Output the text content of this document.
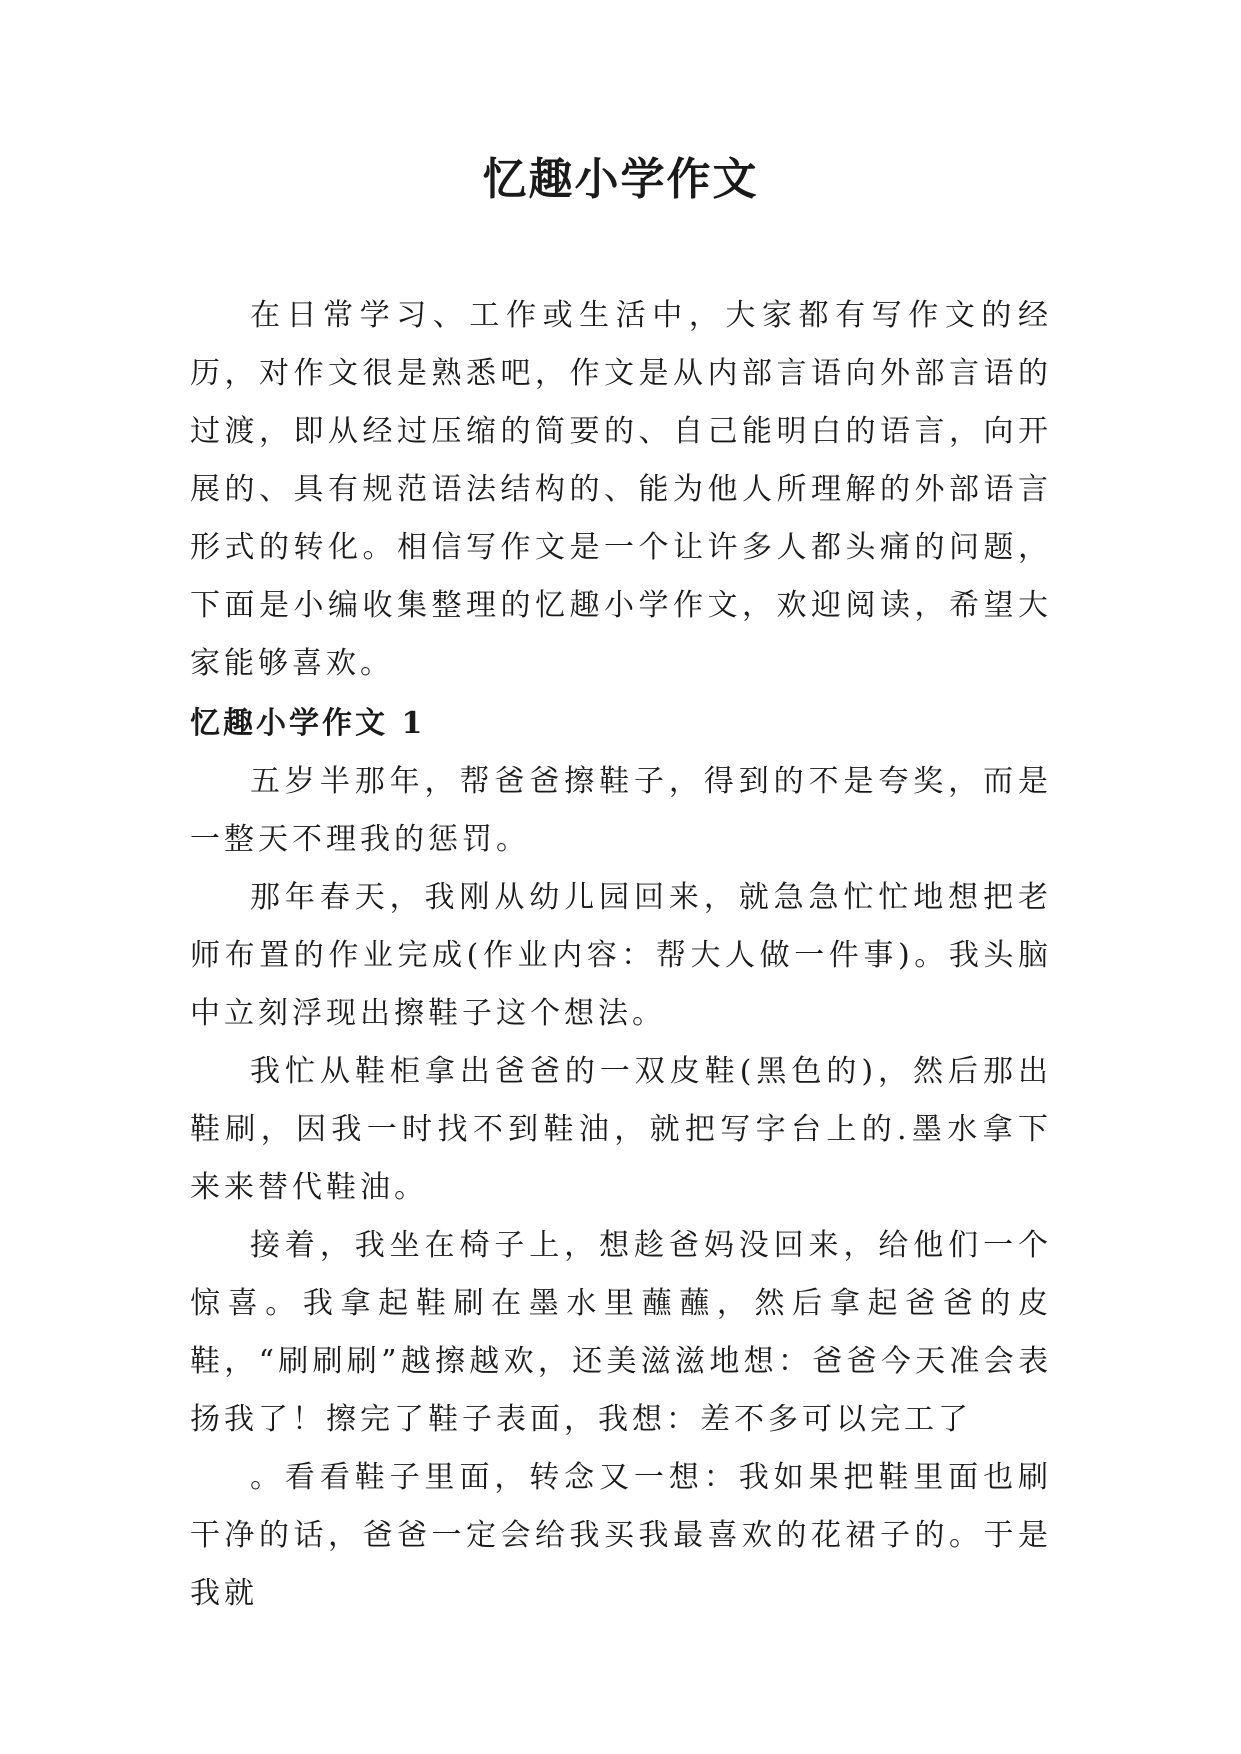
忆趣小学作文

在日常学习、工作或生活中，大家都有写作文的经历，对作文很是熟悉吧，作文是从内部言语向外部言语的过渡，即从经过压缩的简要的、自己能明白的语言，向开展的、具有规范语法结构的、能为他人所理解的外部语言形式的转化。相信写作文是一个让许多人都头痛的问题，下面是小编收集整理的忆趣小学作文，欢迎阅读，希望大家能够喜欢。

忆趣小学作文 1

五岁半那年，帮爸爸擦鞋子，得到的不是夸奖，而是一整天不理我的惩罚。

那年春天，我刚从幼儿园回来，就急急忙忙地想把老师布置的作业完成(作业内容：帮大人做一件事)。我头脑中立刻浮现出擦鞋子这个想法。

我忙从鞋柜拿出爸爸的一双皮鞋(黑色的)，然后那出鞋刷，因我一时找不到鞋油，就把写字台上的.墨水拿下来来替代鞋油。

接着，我坐在椅子上，想趁爸妈没回来，给他们一个惊喜。我拿起鞋刷在墨水里蘸蘸，然后拿起爸爸的皮鞋，“刷刷刷”越擦越欢，还美滋滋地想：爸爸今天准会表扬我了！擦完了鞋子表面，我想：差不多可以完工了

。看看鞋子里面，转念又一想：我如果把鞋里面也刷干净的话，爸爸一定会给我买我最喜欢的花裙子的。于是我就
